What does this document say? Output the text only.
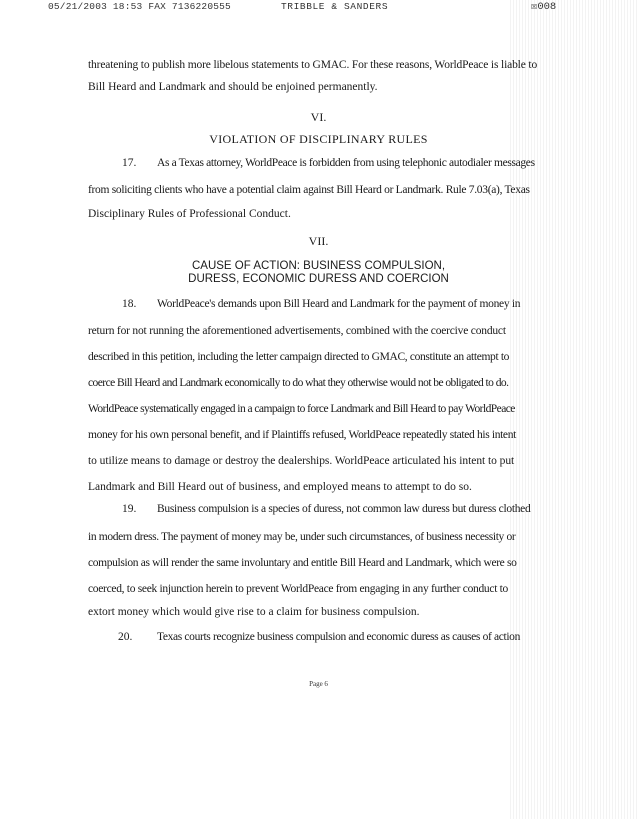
05/21/2003 18:53 FAX 7136220555	TRIBBLE & SANDERS	☒008
threatening to publish more libelous statements to GMAC. For these reasons, WorldPeace is liable to
Bill Heard and Landmark and should be enjoined permanently.
VI.
VIOLATION OF DISCIPLINARY RULES
17. As a Texas attorney, WorldPeace is forbidden from using telephonic autodialer messages
from soliciting clients who have a potential claim against Bill Heard or Landmark. Rule 7.03(a), Texas
Disciplinary Rules of Professional Conduct.
VII.
CAUSE OF ACTION: BUSINESS COMPULSION,
DURESS, ECONOMIC DURESS AND COERCION
18. WorldPeace's demands upon Bill Heard and Landmark for the payment of money in
return for not running the aforementioned advertisements, combined with the coercive conduct
described in this petition, including the letter campaign directed to GMAC, constitute an attempt to
coerce Bill Heard and Landmark economically to do what they otherwise would not be obligated to do.
WorldPeace systematically engaged in a campaign to force Landmark and Bill Heard to pay WorldPeace
money for his own personal benefit, and if Plaintiffs refused, WorldPeace repeatedly stated his intent
to utilize means to damage or destroy the dealerships. WorldPeace articulated his intent to put
Landmark and Bill Heard out of business, and employed means to attempt to do so.
19. Business compulsion is a species of duress, not common law duress but duress clothed
in modern dress. The payment of money may be, under such circumstances, of business necessity or
compulsion as will render the same involuntary and entitle Bill Heard and Landmark, which were so
coerced, to seek injunction herein to prevent WorldPeace from engaging in any further conduct to
extort money which would give rise to a claim for business compulsion.
20. Texas courts recognize business compulsion and economic duress as causes of action
Page 6
